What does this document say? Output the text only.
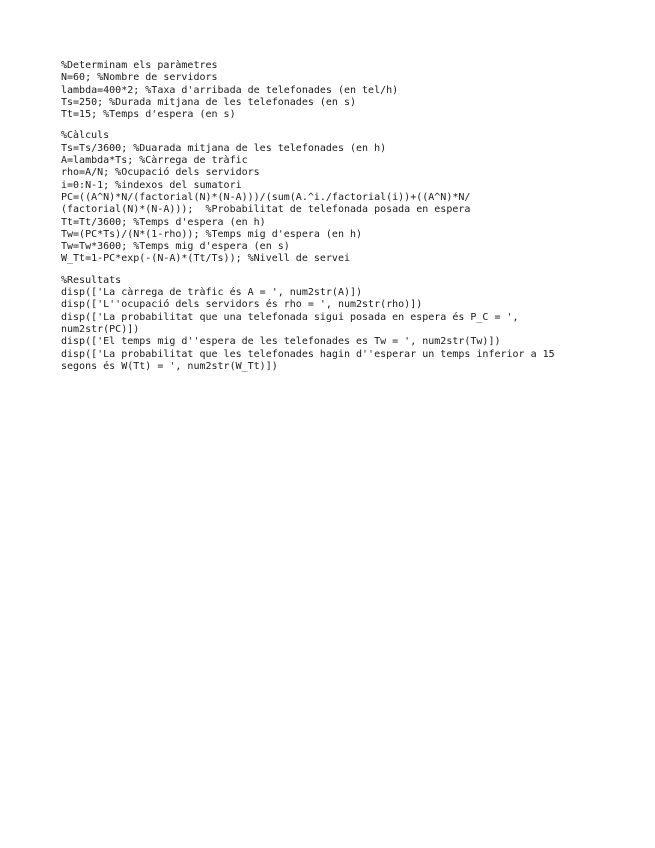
%Determinam els paràmetres
N=60; %Nombre de servidors
lambda=400*2; %Taxa d'arribada de telefonades (en tel/h)
Ts=250; %Durada mitjana de les telefonades (en s)
Tt=15; %Temps d'espera (en s)
%Càlculs
Ts=Ts/3600; %Duarada mitjana de les telefonades (en h)
A=lambda*Ts; %Càrrega de tràfic
rho=A/N; %Ocupació dels servidors
i=0:N-1; %indexos del sumatori
PC=((A^N)*N/(factorial(N)*(N-A)))/(sum(A.^i./factorial(i))+((A^N)*N/
(factorial(N)*(N-A)));  %Probabilitat de telefonada posada en espera
Tt=Tt/3600; %Temps d'espera (en h)
Tw=(PC*Ts)/(N*(1-rho)); %Temps mig d'espera (en h)
Tw=Tw*3600; %Temps mig d'espera (en s)
W_Tt=1-PC*exp(-(N-A)*(Tt/Ts)); %Nivell de servei
%Resultats
disp(['La càrrega de tràfic és A = ', num2str(A)])
disp(['L''ocupació dels servidors és rho = ', num2str(rho)])
disp(['La probabilitat que una telefonada sigui posada en espera és P_C = ',
num2str(PC)])
disp(['El temps mig d''espera de les telefonades es Tw = ', num2str(Tw)])
disp(['La probabilitat que les telefonades hagin d''esperar un temps inferior a 15
segons és W(Tt) = ', num2str(W_Tt)])
